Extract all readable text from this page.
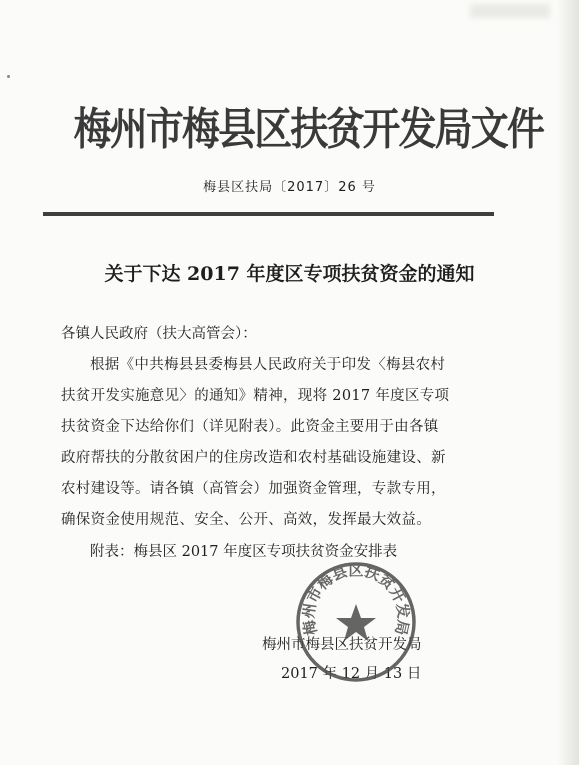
梅州市梅县区扶贫开发局文件
梅县区扶局〔2017〕26 号
关于下达 2017 年度区专项扶贫资金的通知
各镇人民政府（扶大高管会）：
根据《中共梅县县委梅县人民政府关于印发〈梅县农村
扶贫开发实施意见〉的通知》精神，现将 2017 年度区专项
扶贫资金下达给你们（详见附表）。此资金主要用于由各镇
政府帮扶的分散贫困户的住房改造和农村基础设施建设、新
农村建设等。请各镇（高管会）加强资金管理，专款专用，
确保资金使用规范、安全、公开、高效，发挥最大效益。
附表：梅县区 2017 年度区专项扶贫资金安排表
梅州市梅县区扶贫开发局
2017 年 12 月 13 日
梅州市梅县区扶贫开发局
